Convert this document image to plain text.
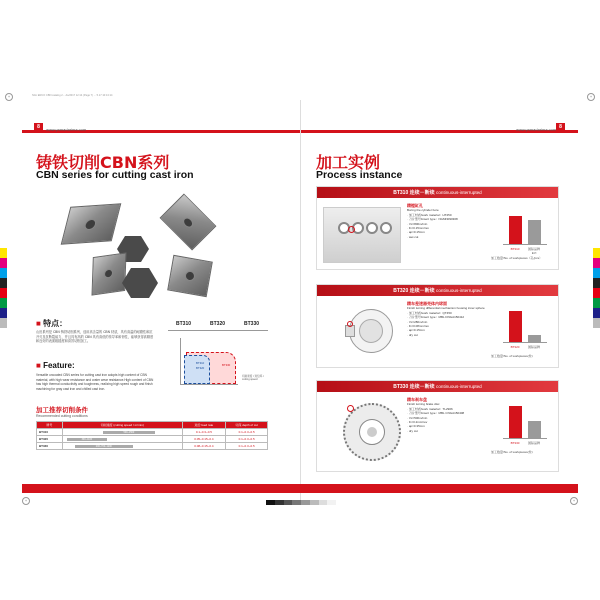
Slim ERCO CBN catalog 2... Ao/2017 12:14 (Page 7) ... 5.17 10:13:14
+	+
8	www.yamadarima.com
铸铁切削CBN系列
CBN series for cutting cast iron
■ 特点：
山田系列是 CBN 铸铁切削系列，选用高含量的 CBN 材质，具有高温的耐磨性和抗开刃及抗断裂能力，并且具有高的 CBN 具有高低的传导率和韧性，能够获得高精度和良好的表面粗糙度和高效切削加工。
■ Feature:
Versatile uncoated CBN series for cutting cast iron adopts high content of CBN material, with high wear resistance and crater wear resistance.High content of CBN has high thermal conductivity and toughness, realizing high speed rough and finish machining for gray cast iron and chilled cast iron.
BT310	BT320	BT330
BT310
BT320
BT330
切削速度 / 进给率 / cutting speed
加工推荐切削条件
Recommended cutting conditions
牌号	切削速度 (cutting speed / m/min)	进给 feed rate	切深 depth of cut
BT310	500~1500	0.1~0.3~0.5	0.1~0.3~0.5
BT320	300~1100	0.05~0.15~0.4	0.1~0.3~0.5
BT330	200~700~1200	0.08~0.15~0.4	0.1~0.3~0.5
www.yamadarima.com 8
加工实例
Process instance
BT310 连续－断续 continuous-interrupted
精镗缸孔
Boring the cylinder bore
· 加工材质/work material：HT250
· 刀片型号/insert type：NGMN090308
· Vc=800m/min
· fn=0.15mm/rev
· ap=0.15mm
· wet cut
BT310	国际品牌 Int'l
加工数量/No. of workpieces（孔/pcs）
BT320 连续－断续 continuous-interrupted
精车差速器壳体内球面
Finish turning differential mechanism housing inner sphere
· 加工材质/work material：QT450
· 刀片型号/insert type：MBL DNGA150412
· Vc=280m/min
· fn=0.08mm/rev
· ap=0.15mm
· dry cut
BT320	国际品牌
加工数量/No. of workpieces(件)
BT330 连续－断续 continuous-interrupted
精车刹车盘
Finish turning brake disc
· 加工材质/work material：TL2906
· 刀片型号/insert type：MBL CNGA150408
· Vc=500m/min
· fn=0.2mm/rev
· ap=0.35mm
· dry cut
BT330	国际品牌
加工数量/No. of workpieces(件)
+	+
